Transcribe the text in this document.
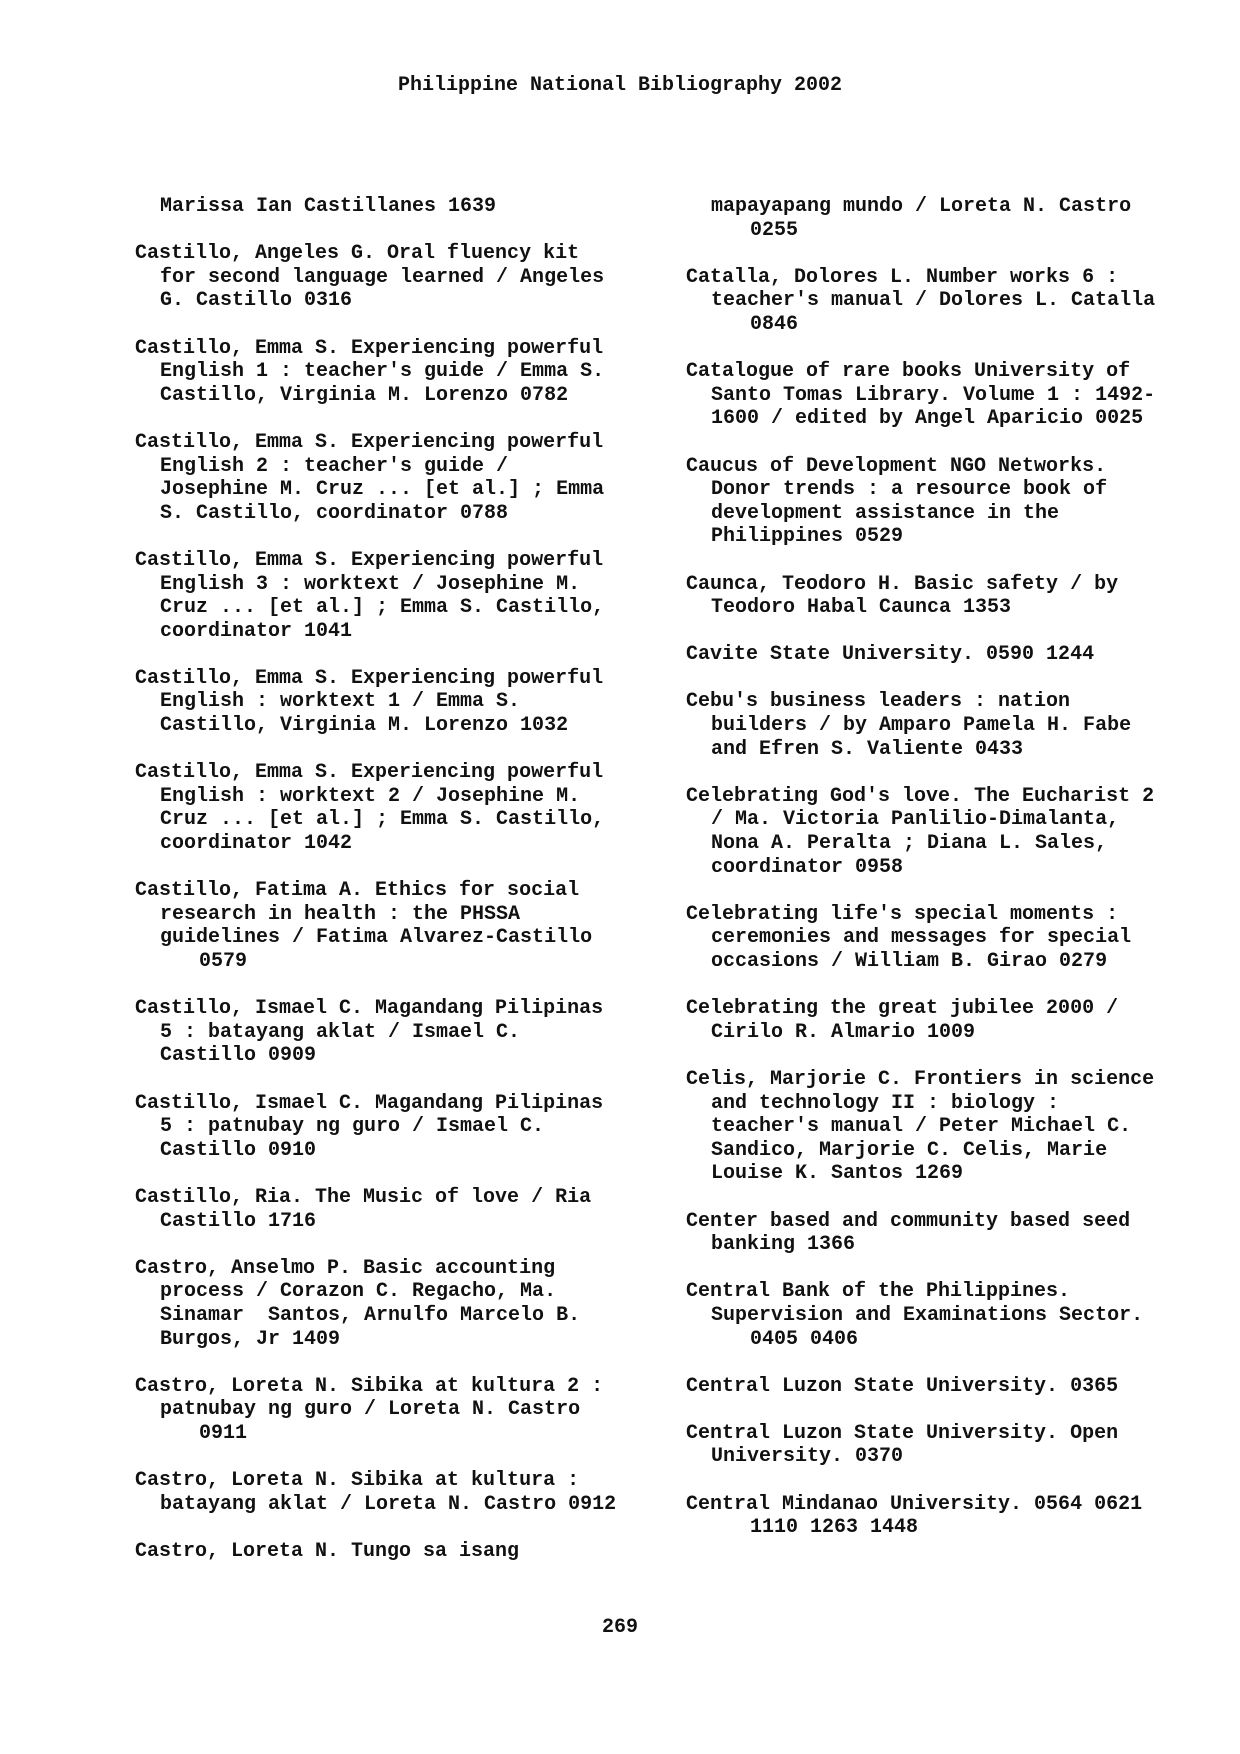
Philippine National Bibliography 2002
Marissa Ian Castillanes 1639
Castillo, Angeles G. Oral fluency kit
for second language learned / Angeles
G. Castillo 0316
Castillo, Emma S. Experiencing powerful
English 1 : teacher's guide / Emma S.
Castillo, Virginia M. Lorenzo 0782
Castillo, Emma S. Experiencing powerful
English 2 : teacher's guide /
Josephine M. Cruz ... [et al.] ; Emma
S. Castillo, coordinator 0788
Castillo, Emma S. Experiencing powerful
English 3 : worktext / Josephine M.
Cruz ... [et al.] ; Emma S. Castillo,
coordinator 1041
Castillo, Emma S. Experiencing powerful
English : worktext 1 / Emma S.
Castillo, Virginia M. Lorenzo 1032
Castillo, Emma S. Experiencing powerful
English : worktext 2 / Josephine M.
Cruz ... [et al.] ; Emma S. Castillo,
coordinator 1042
Castillo, Fatima A. Ethics for social
research in health : the PHSSA
guidelines / Fatima Alvarez-Castillo
0579
Castillo, Ismael C. Magandang Pilipinas
5 : batayang aklat / Ismael C.
Castillo 0909
Castillo, Ismael C. Magandang Pilipinas
5 : patnubay ng guro / Ismael C.
Castillo 0910
Castillo, Ria. The Music of love / Ria
Castillo 1716
Castro, Anselmo P. Basic accounting
process / Corazon C. Regacho, Ma.
Sinamar  Santos, Arnulfo Marcelo B.
Burgos, Jr 1409
Castro, Loreta N. Sibika at kultura 2 :
patnubay ng guro / Loreta N. Castro
0911
Castro, Loreta N. Sibika at kultura :
batayang aklat / Loreta N. Castro 0912
Castro, Loreta N. Tungo sa isang
mapayapang mundo / Loreta N. Castro
0255
Catalla, Dolores L. Number works 6 :
teacher's manual / Dolores L. Catalla
0846
Catalogue of rare books University of
Santo Tomas Library. Volume 1 : 1492-
1600 / edited by Angel Aparicio 0025
Caucus of Development NGO Networks.
Donor trends : a resource book of
development assistance in the
Philippines 0529
Caunca, Teodoro H. Basic safety / by
Teodoro Habal Caunca 1353
Cavite State University. 0590 1244
Cebu's business leaders : nation
builders / by Amparo Pamela H. Fabe
and Efren S. Valiente 0433
Celebrating God's love. The Eucharist 2
/ Ma. Victoria Panlilio-Dimalanta,
Nona A. Peralta ; Diana L. Sales,
coordinator 0958
Celebrating life's special moments :
ceremonies and messages for special
occasions / William B. Girao 0279
Celebrating the great jubilee 2000 /
Cirilo R. Almario 1009
Celis, Marjorie C. Frontiers in science
and technology II : biology :
teacher's manual / Peter Michael C.
Sandico, Marjorie C. Celis, Marie
Louise K. Santos 1269
Center based and community based seed
banking 1366
Central Bank of the Philippines.
Supervision and Examinations Sector.
0405 0406
Central Luzon State University. 0365
Central Luzon State University. Open
University. 0370
Central Mindanao University. 0564 0621
1110 1263 1448
269
